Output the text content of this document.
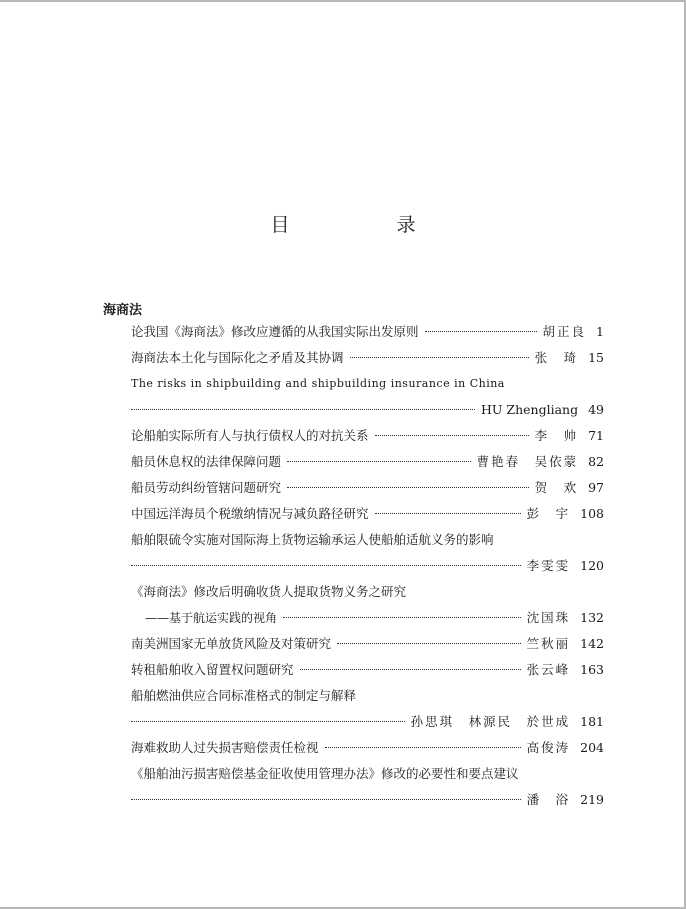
目　录
海商法
论我国《海商法》修改应遵循的从我国实际出发原则	胡正良 1
海商法本土化与国际化之矛盾及其协调	张　琦 15
The risks in shipbuilding and shipbuilding insurance in China
HU Zhengliang 49
论船舶实际所有人与执行债权人的对抗关系	李　帅 71
船员休息权的法律保障问题	曹艳春　吴依蒙 82
船员劳动纠纷管辖问题研究	贺　欢 97
中国远洋海员个税缴纳情况与减负路径研究	彭　宇 108
船舶限硫令实施对国际海上货物运输承运人使船舶适航义务的影响
李雯雯 120
《海商法》修改后明确收货人提取货物义务之研究
——基于航运实践的视角	沈国珠 132
南美洲国家无单放货风险及对策研究	竺秋丽 142
转租船舶收入留置权问题研究	张云峰 163
船舶燃油供应合同标准格式的制定与解释
孙思琪　林源民　於世成 181
海难救助人过失损害赔偿责任检视	高俊涛 204
《船舶油污损害赔偿基金征收使用管理办法》修改的必要性和要点建议
潘　浴 219
